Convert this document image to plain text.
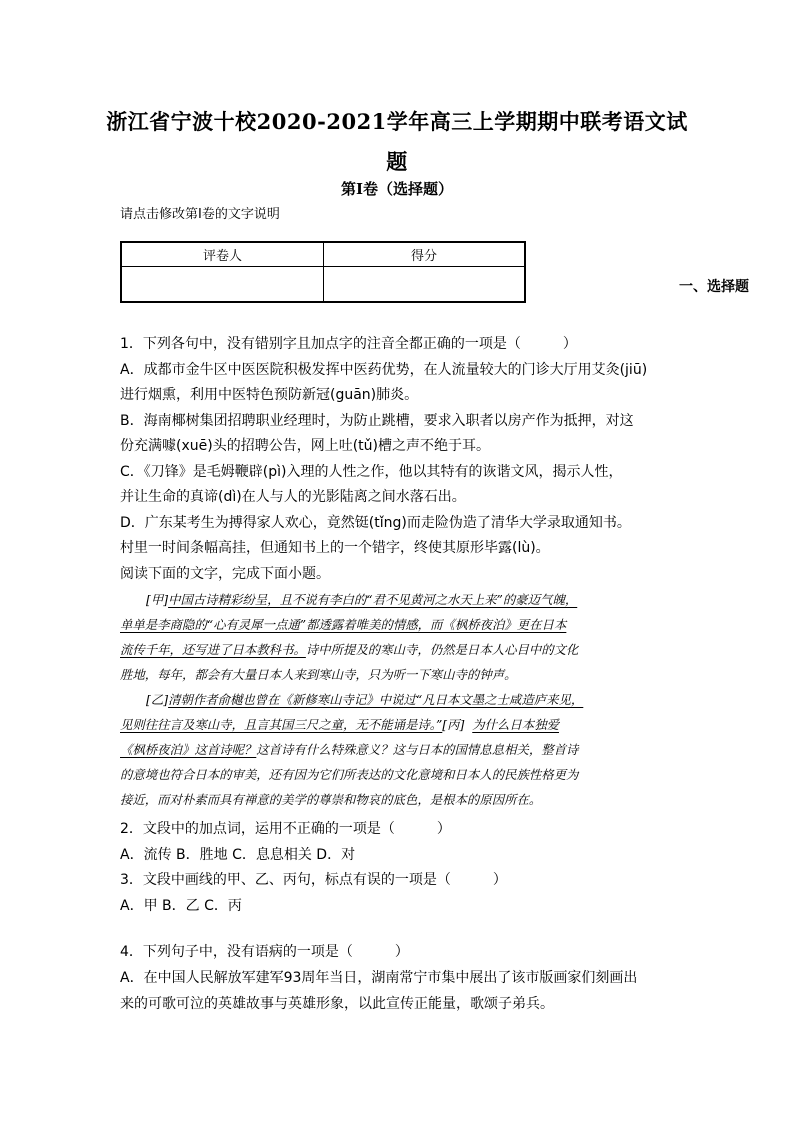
浙江省宁波十校2020-2021学年高三上学期期中联考语文试
题
第I卷（选择题）
请点击修改第I卷的文字说明
评卷人	得分
一、选择题
1．下列各句中，没有错别字且加点字的注音全都正确的一项是（　　　）
A．成都市金牛区中医医院积极发挥中医药优势，在人流量较大的门诊大厅用艾灸(jiū)
进行烟熏，利用中医特色预防新冠(guān)肺炎。
B．海南椰树集团招聘职业经理时，为防止跳槽，要求入职者以房产作为抵押，对这
份充满噱(xuē)头的招聘公告，网上吐(tǔ)槽之声不绝于耳。
C．《刀锋》是毛姆鞭辟(pì)入理的人性之作，他以其特有的诙谐文风，揭示人性，
并让生命的真谛(dì)在人与人的光影陆离之间水落石出。
D．广东某考生为搏得家人欢心，竟然铤(tǐng)而走险伪造了清华大学录取通知书。
村里一时间条幅高挂，但通知书上的一个错字，终使其原形毕露(lù)。
阅读下面的文字，完成下面小题。
[甲]中国古诗精彩纷呈，且不说有李白的“君不见黄河之水天上来”的豪迈气魄，
单单是李商隐的“心有灵犀一点通”都透露着唯美的情感，而《枫桥夜泊》更在日本
流传千年，还写进了日本教科书。诗中所提及的寒山寺，仍然是日本人心目中的文化
胜地，每年，都会有大量日本人来到寒山寺，只为听一下寒山寺的钟声。
[乙]清朝作者俞樾也曾在《新修寒山寺记》中说过“凡日本文墨之士咸造庐来见，
见则往往言及寒山寺，且言其国三尺之童，无不能诵是诗。”[丙] 为什么日本独爱
《枫桥夜泊》这首诗呢？这首诗有什么特殊意义？这与日本的国情息息相关，整首诗
的意境也符合日本的审美，还有因为它们所表达的文化意境和日本人的民族性格更为
接近，而对朴素而具有禅意的美学的尊崇和物哀的底色，是根本的原因所在。
2．文段中的加点词，运用不正确的一项是（　　　）
A．流传 B．胜地 C．息息相关 D．对
3．文段中画线的甲、乙、丙句，标点有误的一项是（　　　）
A．甲 B．乙 C．丙
4．下列句子中，没有语病的一项是（　　　）
A．在中国人民解放军建军93周年当日，湖南常宁市集中展出了该市版画家们刻画出
来的可歌可泣的英雄故事与英雄形象，以此宣传正能量，歌颂子弟兵。
